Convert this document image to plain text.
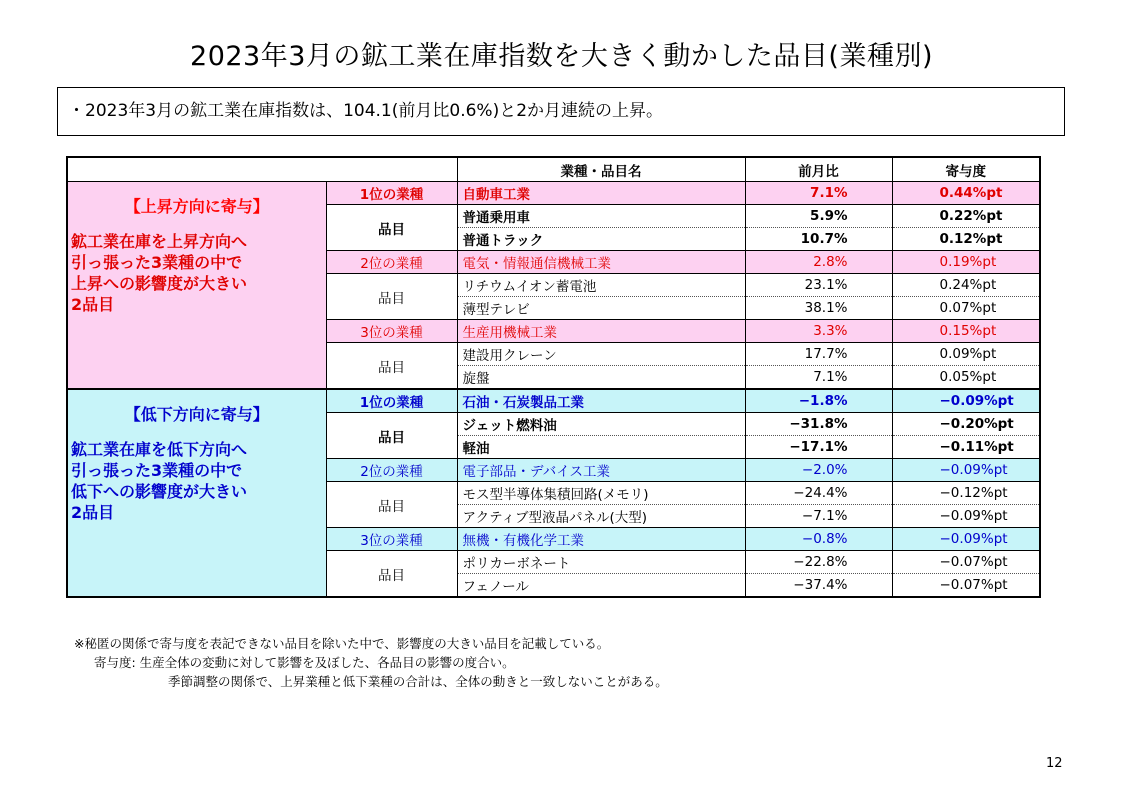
2023年3月の鉱工業在庫指数を大きく動かした品目(業種別)
・2023年3月の鉱工業在庫指数は、104.1(前月比0.6%)と2か月連続の上昇。
		業種・品目名	前月比	寄与度

【上昇方向に寄与】
鉱工業在庫を上昇方向へ
引っ張った3業種の中で
上昇への影響度が大きい
2品目	1位の業種	自動車工業	7.1%	0.44%pt
	品目	普通乗用車	5.9%	0.22%pt
		普通トラック	10.7%	0.12%pt
	2位の業種	電気・情報通信機械工業	2.8%	0.19%pt
	品目	リチウムイオン蓄電池	23.1%	0.24%pt
		薄型テレビ	38.1%	0.07%pt
	3位の業種	生産用機械工業	3.3%	0.15%pt
	品目	建設用クレーン	17.7%	0.09%pt
		旋盤	7.1%	0.05%pt

【低下方向に寄与】
鉱工業在庫を低下方向へ
引っ張った3業種の中で
低下への影響度が大きい
2品目	1位の業種	石油・石炭製品工業	−1.8%	−0.09%pt
	品目	ジェット燃料油	−31.8%	−0.20%pt
		軽油	−17.1%	−0.11%pt
	2位の業種	電子部品・デバイス工業	−2.0%	−0.09%pt
	品目	モス型半導体集積回路(メモリ)	−24.4%	−0.12%pt
		アクティブ型液晶パネル(大型)	−7.1%	−0.09%pt
	3位の業種	無機・有機化学工業	−0.8%	−0.09%pt
	品目	ポリカーボネート	−22.8%	−0.07%pt
		フェノール	−37.4%	−0.07%pt
※秘匿の関係で寄与度を表記できない品目を除いた中で、影響度の大きい品目を記載している。
寄与度: 生産全体の変動に対して影響を及ぼした、各品目の影響の度合い。
季節調整の関係で、上昇業種と低下業種の合計は、全体の動きと一致しないことがある。
12
